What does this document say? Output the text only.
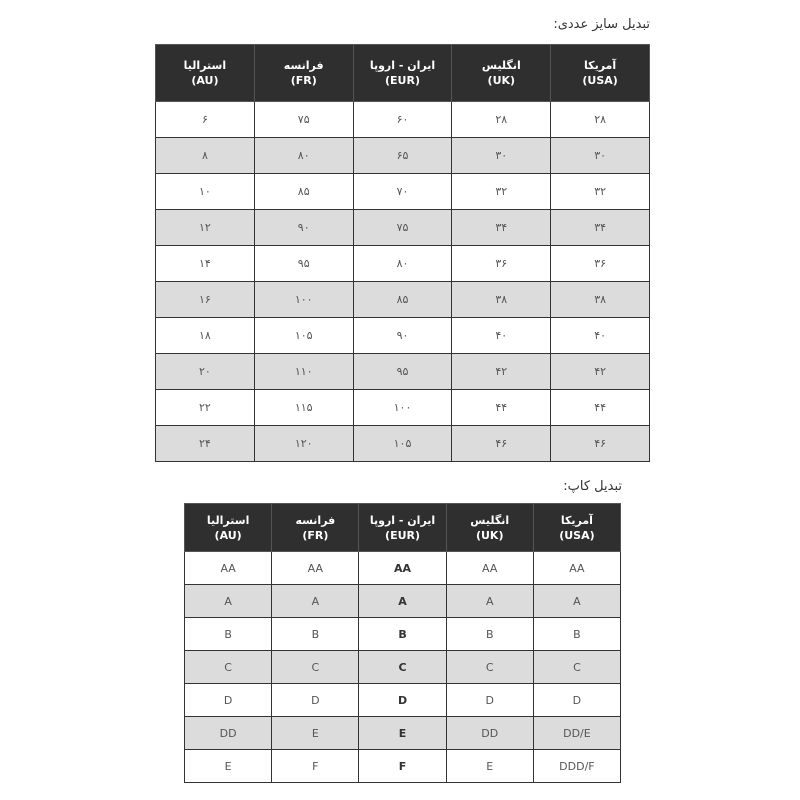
تبدیل سایز عددی:
آمریکا
(USA)	انگلیس
(UK)	ایران - اروپا
(EUR)	فرانسه
(FR)	استرالیا
(AU)
۲۸	۲۸	۶۰	۷۵	۶
۳۰	۳۰	۶۵	۸۰	۸
۳۲	۳۲	۷۰	۸۵	۱۰
۳۴	۳۴	۷۵	۹۰	۱۲
۳۶	۳۶	۸۰	۹۵	۱۴
۳۸	۳۸	۸۵	۱۰۰	۱۶
۴۰	۴۰	۹۰	۱۰۵	۱۸
۴۲	۴۲	۹۵	۱۱۰	۲۰
۴۴	۴۴	۱۰۰	۱۱۵	۲۲
۴۶	۴۶	۱۰۵	۱۲۰	۲۴
تبدیل کاپ:
آمریکا
(USA)	انگلیس
(UK)	ایران - اروپا
(EUR)	فرانسه
(FR)	استرالیا
(AU)
AA	AA	AA	AA	AA
A	A	A	A	A
B	B	B	B	B
C	C	C	C	C
D	D	D	D	D
DD/E	DD	E	E	DD
DDD/F	E	F	F	E
